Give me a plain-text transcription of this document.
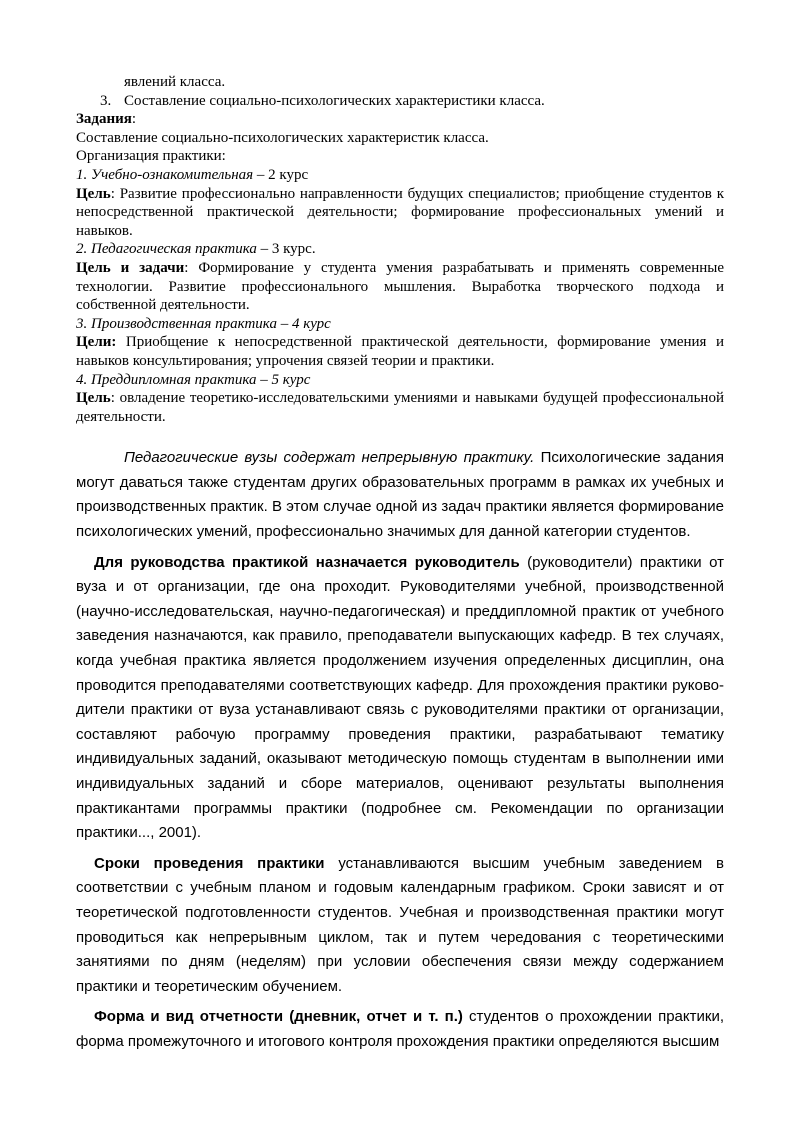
явлений класса.

3. Составление социально-психологических характеристики класса.

Задания:

Составление социально-психологических характеристик класса.

Организация практики:

1. Учебно-ознакомительная – 2 курс

Цель: Развитие профессионально направленности будущих специалистов; приобщение студентов к непосредственной практической деятельности; формирование профессиональных умений и навыков.

2. Педагогическая практика – 3 курс.

Цель и задачи: Формирование у студента умения разрабатывать и применять современные технологии. Развитие профессионального мышления. Выработка творческого подхода и собственной деятельности.

3. Производственная практика – 4 курс

Цели: Приобщение к непосредственной практической деятельности, формирование умения и навыков консультирования; упрочения связей теории и практики.

4. Преддипломная практика – 5 курс

Цель: овладение теоретико-исследовательскими умениями и навыками будущей профессиональной деятельности.

Педагогические вузы содержат непрерывную практику. Психологические задания могут даваться также студентам других образовательных программ в рамках их учебных и производственных практик. В этом случае одной из задач практики является формирование психологических умений, профессионально значимых для данной категории студентов.

Для руководства практикой назначается руководитель (руководители) практики от вуза и от организации, где она проходит. Руководителями учебной, производственной (научно-исследовательская, научно-педагогическая) и преддипломной практик от учебного заведения назначаются, как правило, преподаватели выпускающих кафедр. В тех случаях, когда учебная практика является продолжением изучения определенных дисциплин, она проводится преподавателями соответствующих кафедр. Для прохождения практики руково-дители практики от вуза устанавливают связь с руководителями практики от организации, составляют рабочую программу проведения практики, разрабатывают тематику индивидуальных заданий, оказывают методическую помощь студентам в выполнении ими индивидуальных заданий и сборе материалов, оценивают результаты выполнения практикантами программы практики (подробнее см. Рекомендации по организации практики..., 2001).

Сроки проведения практики устанавливаются высшим учебным заведением в соответствии с учебным планом и годовым календарным графиком. Сроки зависят и от теоретической подготовленности студентов. Учебная и производственная практики могут проводиться как непрерывным циклом, так и путем чередования с теоретическими занятиями по дням (неделям) при условии обеспечения связи между содержанием практики и теоретическим обучением.

Форма и вид отчетности (дневник, отчет и т. п.) студентов о прохождении практики, форма промежуточного и итогового контроля прохождения практики определяются высшим
